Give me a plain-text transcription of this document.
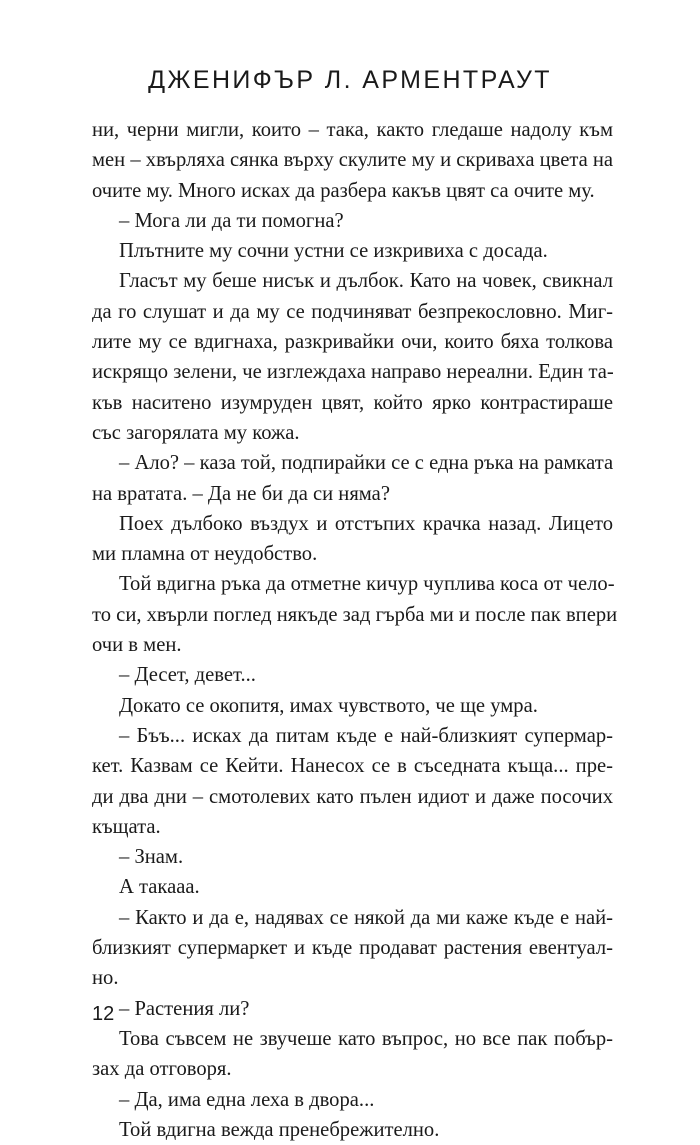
ДЖЕНИФЪР Л. АРМЕНТРАУТ
ни, черни мигли, които – така, както гледаше надолу към
мен – хвърляха сянка върху скулите му и скриваха цвета на
очите му. Много исках да разбера какъв цвят са очите му.
– Мога ли да ти помогна?
Плътните му сочни устни се изкривиха с досада.
Гласът му беше нисък и дълбок. Като на човек, свикнал
да го слушат и да му се подчиняват безпрекословно. Миг-
лите му се вдигнаха, разкривайки очи, които бяха толкова
искрящо зелени, че изглеждаха направо нереални. Един та-
къв наситено изумруден цвят, който ярко контрастираше
със загорялата му кожа.
– Ало? – каза той, подпирайки се с една ръка на рамката
на вратата. – Да не би да си няма?
Поех дълбоко въздух и отстъпих крачка назад. Лицето
ми пламна от неудобство.
Той вдигна ръка да отметне кичур чуплива коса от чело-
то си, хвърли поглед някъде зад гърба ми и после пак впери
очи в мен.
– Десет, девет...
Докато се окопитя, имах чувството, че ще умра.
– Бъъ... исках да питам къде е най-близкият супермар-
кет. Казвам се Кейти. Нанесох се в съседната къща... пре-
ди два дни – смотолевих като пълен идиот и даже посочих
къщата.
– Знам.
А такааа.
– Както и да е, надявах се някой да ми каже къде е най-
близкият супермаркет и къде продават растения евентуал-
но.
– Растения ли?
Това съвсем не звучеше като въпрос, но все пак побър-
зах да отговоря.
– Да, има една леха в двора...
Той вдигна вежда пренебрежително.
12
